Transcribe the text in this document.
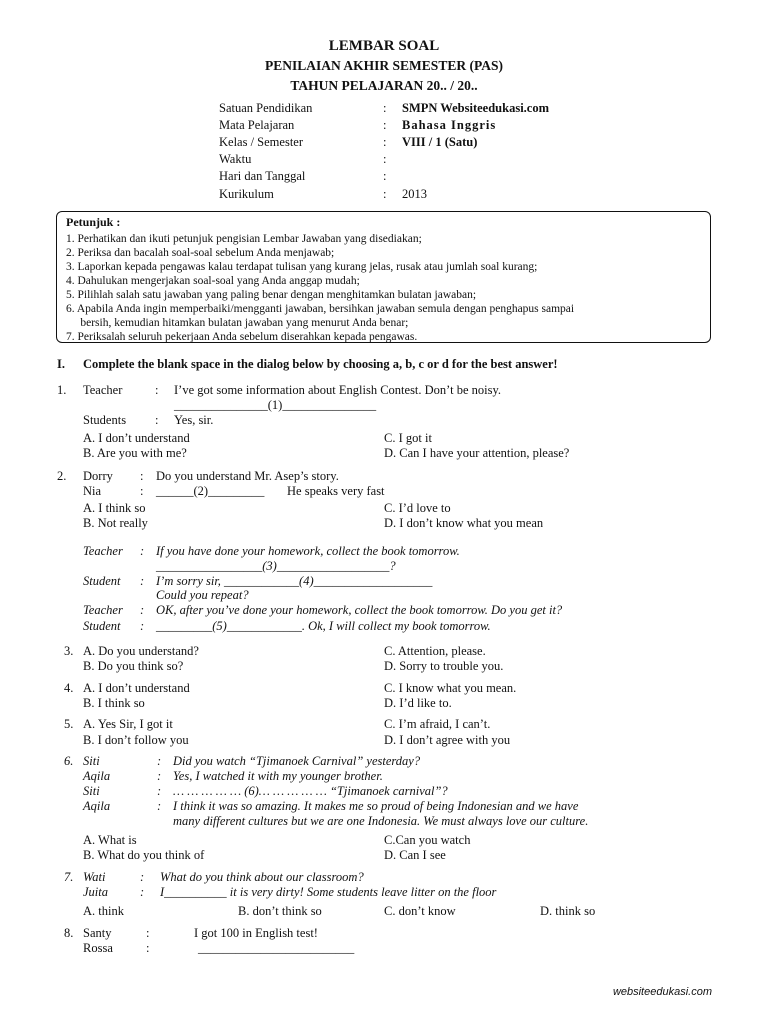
LEMBAR SOAL
PENILAIAN AKHIR SEMESTER (PAS)
TAHUN PELAJARAN 20.. / 20..
Satuan Pendidikan	: SMPN Websiteedukasi.com
Mata Pelajaran	: Bahasa Inggris
Kelas / Semester	: VIII / 1 (Satu)
Waktu	:
Hari dan Tanggal	:
Kurikulum	: 2013
Petunjuk :
1. Perhatikan dan ikuti petunjuk pengisian Lembar Jawaban yang disediakan;
2. Periksa dan bacalah soal-soal sebelum Anda menjawab;
3. Laporkan kepada pengawas kalau terdapat tulisan yang kurang jelas, rusak atau jumlah soal kurang;
4. Dahulukan mengerjakan soal-soal yang Anda anggap mudah;
5. Pilihlah salah satu jawaban yang paling benar dengan menghitamkan bulatan jawaban;
6. Apabila Anda ingin memperbaiki/mengganti jawaban, bersihkan jawaban semula dengan penghapus sampai
bersih, kemudian hitamkan bulatan jawaban yang menurut Anda benar;
7. Periksalah seluruh pekerjaan Anda sebelum diserahkan kepada pengawas.
I. Complete the blank space in the dialog below by choosing a, b, c or d for the best answer!
1. Teacher	: I’ve got some information about English Contest. Don’t be noisy.
_______________(1)_______________
Students : Yes, sir.
A. I don’t understand
B. Are you with me?
C. I got it
D. Can I have your attention, please?
2. Dorry : Do you understand Mr. Asep’s story.
Nia	: ______(2)_________ He speaks very fast
A. I think so
B. Not really
C. I’d love to
D. I don’t know what you mean
Teacher : If you have done your homework, collect the book tomorrow.
_________________(3)__________________?
Student : I’m sorry sir, ____________(4)___________________
Could you repeat?
Teacher : OK, after you’ve done your homework, collect the book tomorrow. Do you get it?
Student : _________(5)____________. Ok, I will collect my book tomorrow.
3. A. Do you understand?
B. Do you think so?
C. Attention, please.
D. Sorry to trouble you.
4. A. I don’t understand
B. I think so
C. I know what you mean.
D. I’d like to.
5. A. Yes Sir, I got it
B. I don’t follow you
C. I’m afraid, I can’t.
D. I don’t agree with you
6. Siti	: Did you watch “Tjimanoek Carnival” yesterday?
Aqila	: Yes, I watched it with my younger brother.
Siti	: … … … … … (6)… … … … … “Tjimanoek carnival”?
Aqila	: I think it was so amazing. It makes me so proud of being Indonesian and we have
many different cultures but we are one Indonesia. We must always love our culture.
A. What is
B. What do you think of
C.Can you watch
D. Can I see
7. Wati	: What do you think about our classroom?
Juita	: I__________ it is very dirty! Some students leave litter on the floor
A. think	B. don’t think so	C. don’t know	D. think so
8. Santy	:	I got 100 in English test!
Rossa	:	_________________________
websiteedukasi.com
